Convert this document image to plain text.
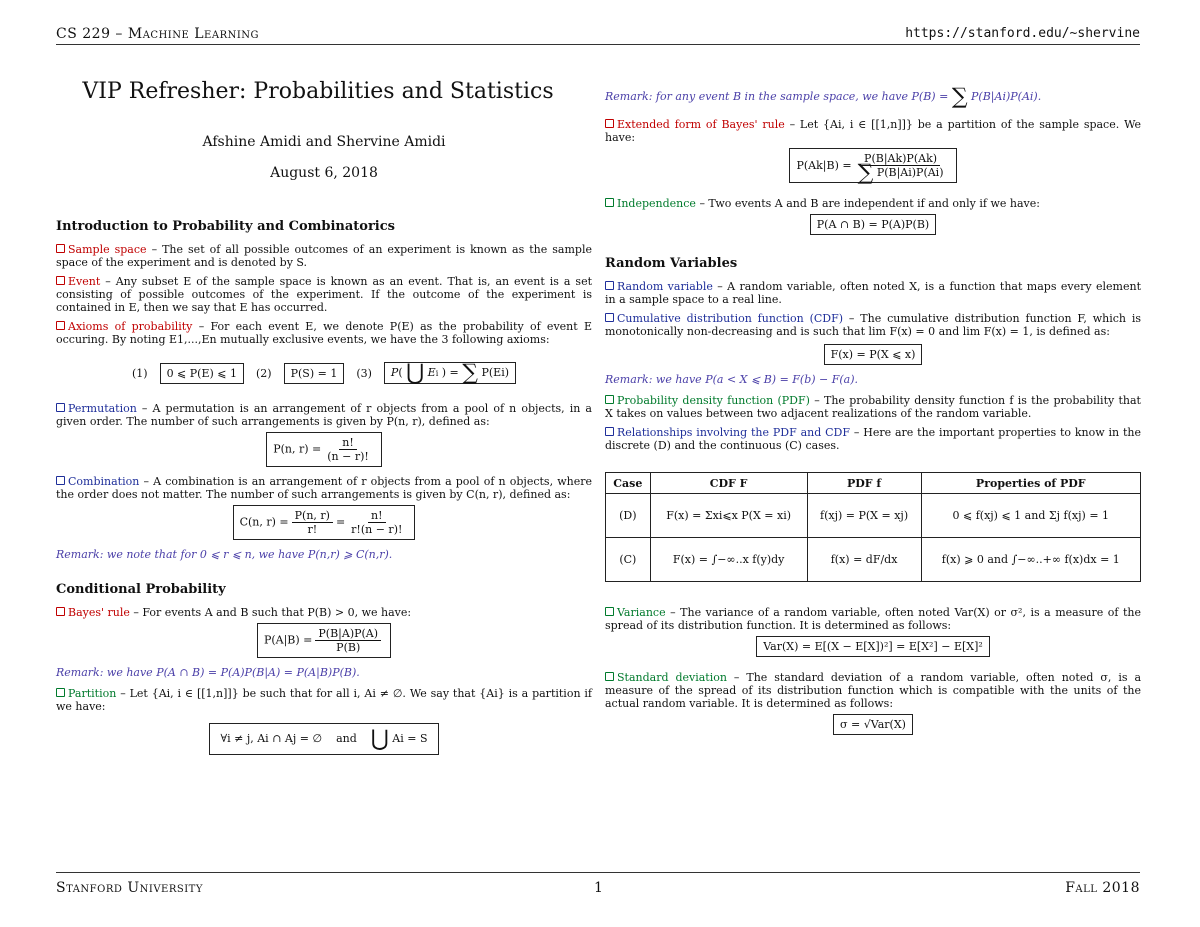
CS 229 – Machine Learning	https://stanford.edu/~shervine
VIP Refresher: Probabilities and Statistics
Afshine Amidi and Shervine Amidi
August 6, 2018

Introduction to Probability and Combinatorics

Sample space – The set of all possible outcomes of an experiment is known as the sample space of the experiment and is denoted by S.

Event – Any subset E of the sample space is known as an event. That is, an event is a set consisting of possible outcomes of the experiment. If the outcome of the experiment is contained in E, then we say that E has occurred.

Axioms of probability – For each event E, we denote P(E) as the probability of event E occuring. By noting E1,...,En mutually exclusive events, we have the 3 following axioms:

(1)	0 ⩽ P(E) ⩽ 1	(2)	P(S) = 1	(3)	P( ⋃ Ei ) = ∑ P(Ei)

Permutation – A permutation is an arrangement of r objects from a pool of n objects, in a given order. The number of such arrangements is given by P(n, r), defined as:

P(n, $r) = \frac{n!}{(n - r)!}$

Combination – A combination is an arrangement of r objects from a pool of n objects, where the order does not matter. The number of such arrangements is given by C(n, r), defined as:

C(n, $r) = \frac{P(n, r)}{r!} = \frac{n!}{r!(n - r)!}$

Remark: we note that for 0 ⩽ r ⩽ n, we have P(n,r) ⩾ C(n,r).

Conditional Probability

Bayes' rule – For events A and B such that P(B) > 0, we have:

$P(A|B) = \frac{P(B|A)P(A)}{P(B)}$

Remark: we have P(A ∩ B) = P(A)P(B|A) = P(A|B)P(B).

Partition – Let {Ai, i ∈ [[1,n]]} be such that for all i, Ai ≠ ∅. We say that {Ai} is a partition if we have:

∀i ≠ j, Ai ∩ Aj = ∅ and ⋃ Ai = S

Remark: for any event B in the sample space, we have P(B) = ∑ P(B|Ai)P(Ai).

Extended form of Bayes' rule – Let {Ai, i ∈ [[1,n]]} be a partition of the sample space. We have:

$P(Ak|B) = \frac{P(B|Ak)P(Ak)}{\sum P(B|Ai)P(Ai)}$

Independence – Two events A and B are independent if and only if we have:

P(A ∩ B) = P(A)P(B)

Random Variables

Random variable – A random variable, often noted X, is a function that maps every element in a sample space to a real line.

Cumulative distribution function (CDF) – The cumulative distribution function F, which is monotonically non-decreasing and is such that lim F(x) = 0 and lim F(x) = 1, is defined as:

F(x) = P(X ⩽ x)

Remark: we have P(a < X ⩽ B) = F(b) − F(a).

Probability density function (PDF) – The probability density function f is the probability that X takes on values between two adjacent realizations of the random variable.

Relationships involving the PDF and CDF – Here are the important properties to know in the discrete (D) and the continuous (C) cases.

Case	CDF F	PDF f	Properties of PDF
(D)	F(x) = Σxi⩽x P(X = xi)	f(xj) = P(X = xj)	0 ⩽ f(xj) ⩽ 1 and Σj f(xj) = 1
(C)	F(x) = ∫−∞..x f(y)dy	f(x) = dF/dx	f(x) ⩾ 0 and ∫−∞..+∞ f(x)dx = 1

Variance – The variance of a random variable, often noted Var(X) or σ², is a measure of the spread of its distribution function. It is determined as follows:

Var(X) = E[(X − E[X])²] = E[X²] − E[X]²

Standard deviation – The standard deviation of a random variable, often noted σ, is a measure of the spread of its distribution function which is compatible with the units of the actual random variable. It is determined as follows:

σ = √Var(X)
Stanford University	1	Fall 2018
